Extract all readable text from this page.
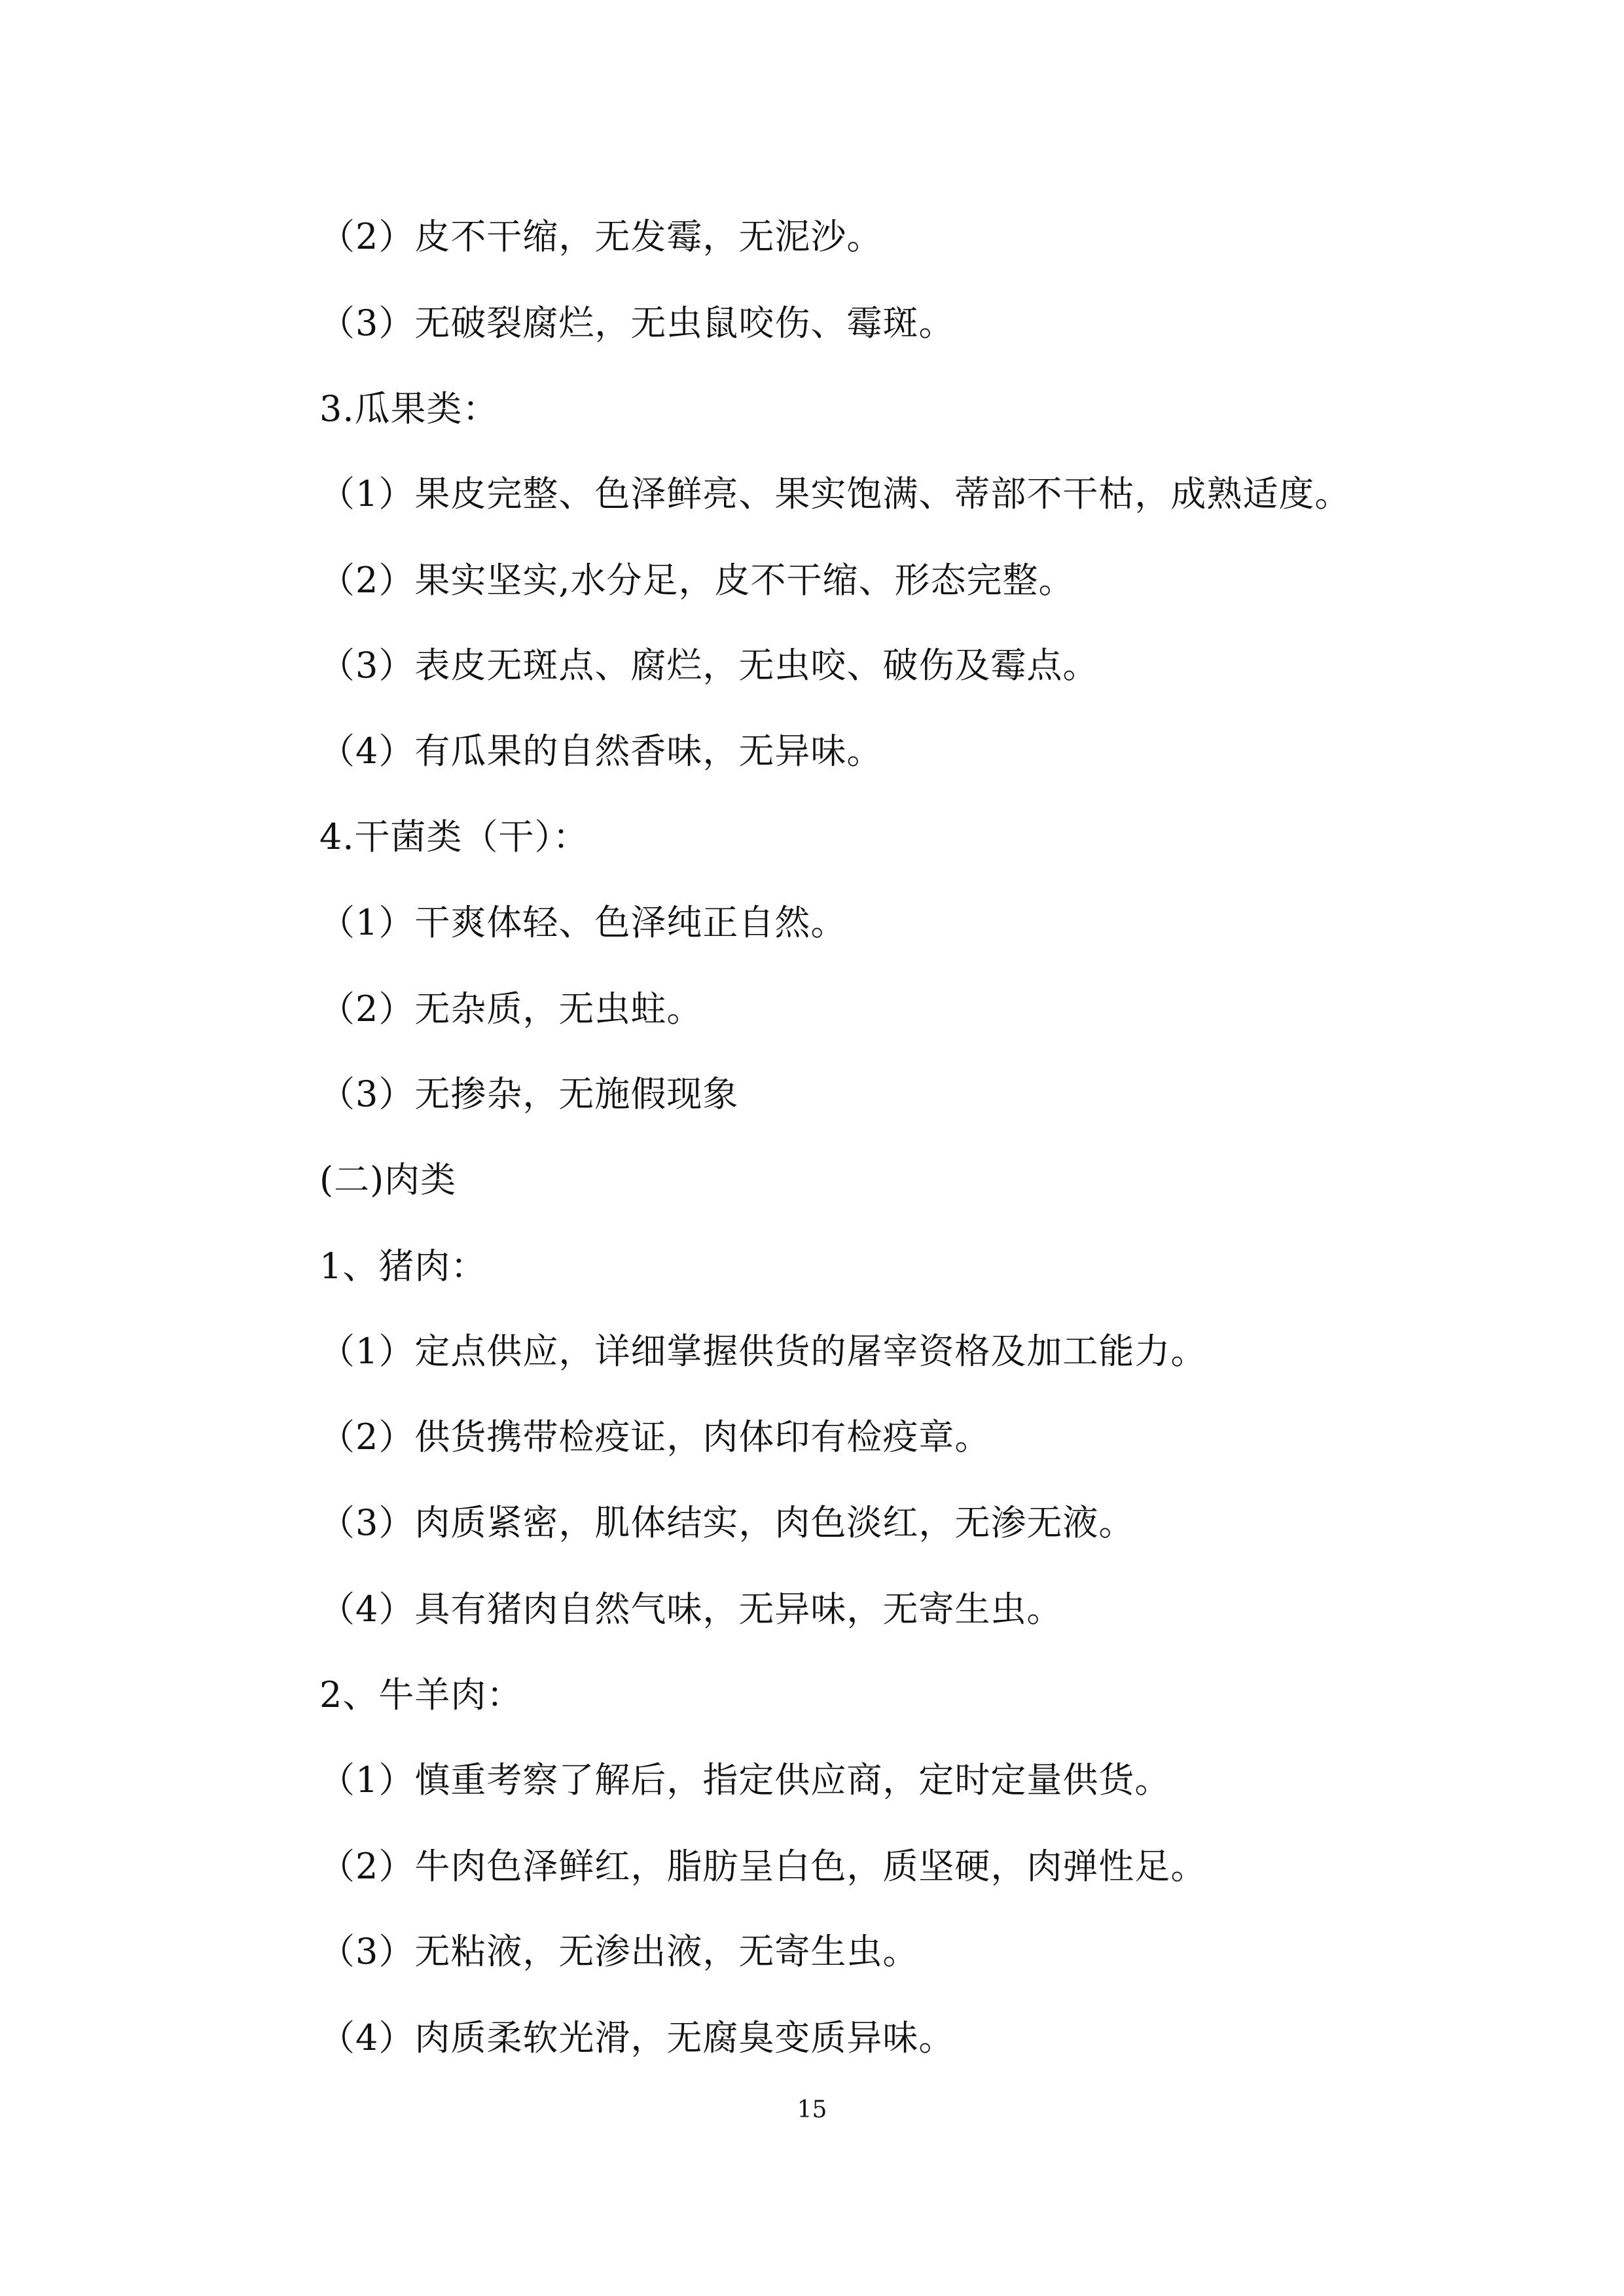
（2）皮不干缩，无发霉，无泥沙。
（3）无破裂腐烂，无虫鼠咬伤、霉斑。
3.瓜果类：
（1）果皮完整、色泽鲜亮、果实饱满、蒂部不干枯，成熟适度。
（2）果实坚实,水分足，皮不干缩、形态完整。
（3）表皮无斑点、腐烂，无虫咬、破伤及霉点。
（4）有瓜果的自然香味，无异味。
4.干菌类（干）：
（1）干爽体轻、色泽纯正自然。
（2）无杂质，无虫蛀。
（3）无掺杂，无施假现象
(二)肉类
1、猪肉：
（1）定点供应，详细掌握供货的屠宰资格及加工能力。
（2）供货携带检疫证，肉体印有检疫章。
（3）肉质紧密，肌体结实，肉色淡红，无渗无液。
（4）具有猪肉自然气味，无异味，无寄生虫。
2、牛羊肉：
（1）慎重考察了解后，指定供应商，定时定量供货。
（2）牛肉色泽鲜红，脂肪呈白色，质坚硬，肉弹性足。
（3）无粘液，无渗出液，无寄生虫。
（4）肉质柔软光滑，无腐臭变质异味。
15
